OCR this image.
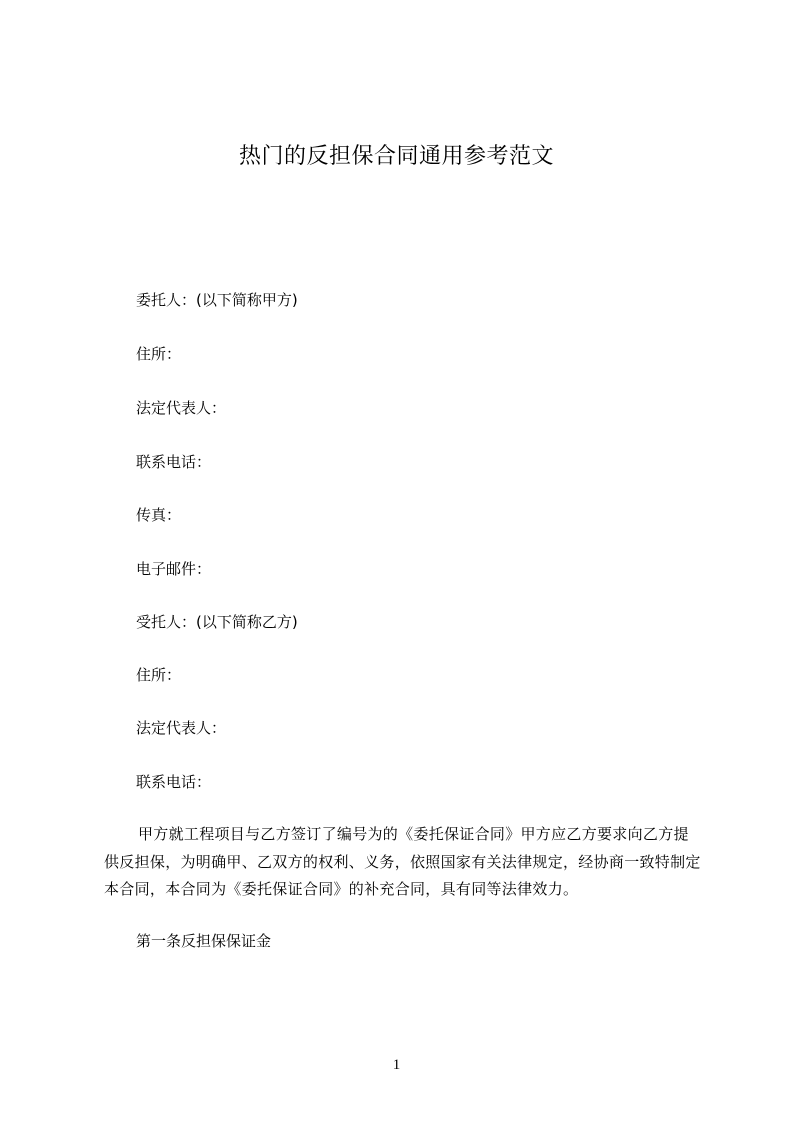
热门的反担保合同通用参考范文
委托人：(以下简称甲方)
住所：
法定代表人：
联系电话：
传真：
电子邮件：
受托人：(以下简称乙方)
住所：
法定代表人：
联系电话：
甲方就工程项目与乙方签订了编号为的《委托保证合同》甲方应乙方要求向乙方提供反担保，为明确甲、乙双方的权利、义务，依照国家有关法律规定，经协商一致特制定本合同，本合同为《委托保证合同》的补充合同，具有同等法律效力。
第一条反担保保证金
1
